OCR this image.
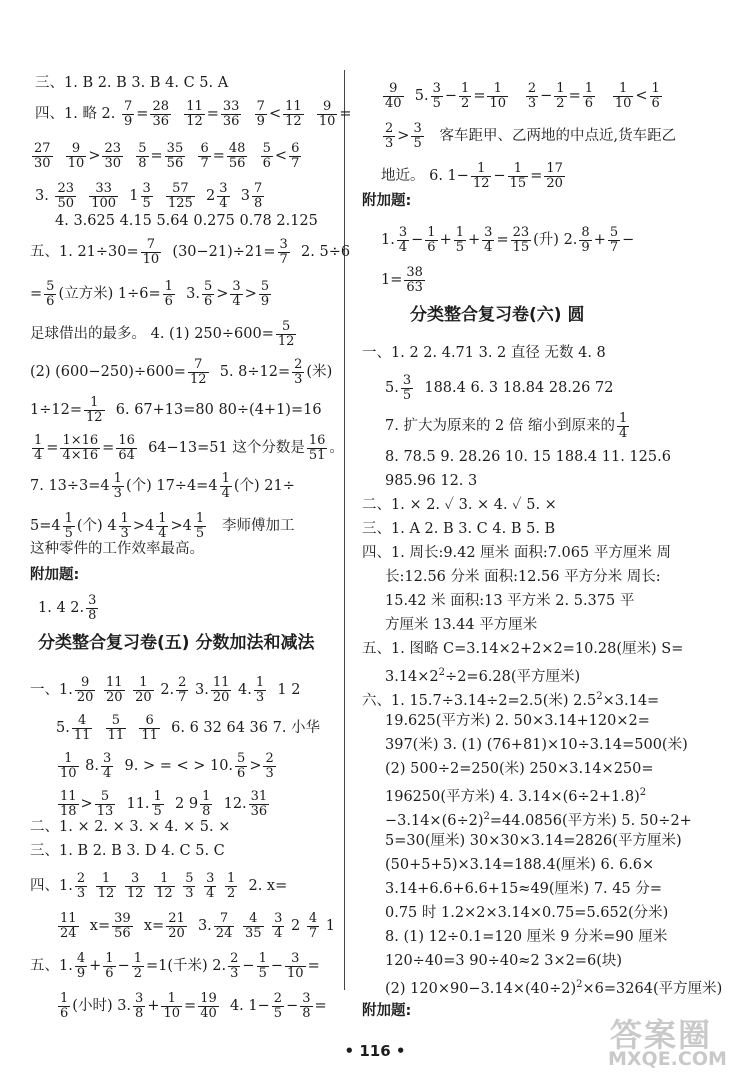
三、1. B 2. B 3. B 4. C 5. A
四、1. 略 2. $\frac{7}{9} = \frac{28}{36}$
$\frac{11}{12} = \frac{33}{36}$
$\frac{7}{9} < \frac{11}{12}$
$\frac{9}{10}$ =
$\frac{27}{30}$
$\frac{9}{10} > \frac{23}{30}$
$\frac{5}{8} = \frac{35}{56}$
$\frac{6}{7} = \frac{48}{56}$
$\frac{5}{6} < \frac{6}{7}$
3. $\frac{23}{50}$
$\frac{33}{100} 1 \frac{3}{5}$
$\frac{57}{125} 2 \frac{3}{4} 3 \frac{7}{8}$
4. 3.625 4.15 5.64 0.275 0.78 2.125
五、1. $21\div 30= \frac{7}{10} (30-21)\div 21= \frac{3}{7} 2$. 5÷6
= $\frac{5}{6}$ (立方米) $1\div 6= \frac{1}{6} 3$. $\frac{5}{6} > \frac{3}{4} > \frac{5}{9}$
足球借出的最多。 4. (1) $250\div 600= \frac{5}{12}$
(2) $(600-250)\div 600= \frac{7}{12} 5$. $8\div 12= \frac{2}{3}$ (米)
$1\div 12= \frac{1}{12} 6$. 67+13=80 80÷(4+1)=16
$\frac{1}{4} = \frac{1\times 16}{4\times 16} = \frac{16}{64} 64-13=51$ 这个分数是 $\frac{16}{51}$ 。
7. $13\div 3=4 \frac{1}{3}$ (个) $17\div 4=4 \frac{1}{4}$ (个) 21÷
$5=4 \frac{1}{5}$ (个) $4 \frac{1}{3} >4 \frac{1}{4} >4 \frac{1}{5}$ 李师傅加工
这种零件的工作效率最高。
附加题:
1. 4 2. $\frac{3}{8}$
分类整合复习卷(五) 分数加法和减法
一、1. $\frac{9}{20}$
$\frac{11}{20}$
$\frac{1}{20} 2$. $\frac{2}{7} 3$. $\frac{11}{20} 4$. $\frac{1}{3} 1$ 2
5. $\frac{4}{11}$
$\frac{5}{11}$
$\frac{6}{11} 6$. 6 32 64 36 7. 小华
$\frac{1}{10} 8$. $\frac{3}{4} 9$. > = < > 10. $\frac{5}{6} > \frac{2}{3}$
$\frac{11}{18} > \frac{5}{13} 11$. $\frac{1}{5} 2$ $9 \frac{1}{8} 12$. $\frac{31}{36}$
二、1. × 2. × 3. × 4. × 5. ×
三、1. B 2. B 3. D 4. C 5. C
四、1. $\frac{2}{3}$
$\frac{1}{12}$
$\frac{3}{12}$
$\frac{1}{12}$
$\frac{5}{3}$
$\frac{3}{4}$
$\frac{1}{2} 2$. x=
$\frac{11}{24} x= \frac{39}{56} x= \frac{21}{20} 3$. $\frac{7}{24}$
$\frac{4}{35}$
$\frac{3}{4} 2 \frac{4}{7} 1$
五、1. $\frac{4}{9} + \frac{1}{6} - \frac{1}{2} =1$(千米) 2. $\frac{2}{3} - \frac{1}{5} - \frac{3}{10}$ =
$\frac{1}{6}$ (小时) 3. $\frac{3}{8} + \frac{1}{10} = \frac{19}{40} 4$. $1- \frac{2}{5} - \frac{3}{8}$ =
$\frac{9}{40} 5$. $\frac{3}{5} - \frac{1}{2} = \frac{1}{10}$
$\frac{2}{3} - \frac{1}{2} = \frac{1}{6}$
$\frac{1}{10} < \frac{1}{6}$
$\frac{2}{3} > \frac{3}{5}$ 客车距甲、乙两地的中点近,货车距乙
地近。 6. $1- \frac{1}{12} - \frac{1}{15} = \frac{17}{20}$
附加题:
1. $\frac{3}{4} - \frac{1}{6} + \frac{1}{5} + \frac{3}{4} = \frac{23}{15}$ (升) 2. $\frac{8}{9} + \frac{5}{7}$ −
$1= \frac{38}{63}$
分类整合复习卷(六) 圆
一、1. 2 2. 4.71 3. 2 直径 无数 4. 8
5. $\frac{3}{5} 188.4$ 6. 3 18.84 28.26 72
7. 扩大为原来的 2 倍 缩小到原来的 $\frac{1}{4}$
8. 78.5 9. 28.26 10. 15 188.4 11. 125.6
985.96 12. 3
二、1. × 2. ✓ 3. × 4. ✓ 5. ×
三、1. A 2. B 3. C 4. B 5. B
四、1. 周长:9.42 厘米 面积:7.065 平方厘米 周
长:12.56 分米 面积:12.56 平方分米 周长:
15.42 米 面积:13 平方米 2. 5.375 平
方厘米 13.44 平方厘米
五、1. 图略 C=3.14×2+2×2=10.28(厘米) S=
$3.14\times 2^2\div 2=6.28$(平方厘米)
六、1. 15.7÷3.14÷2=2.5(米) $2.5^2\times 3.14=$
19.625(平方米) 2. 50×3.14+120×2=
397(米) 3. (1) (76+81)×10÷3.14=500(米)
(2) 500÷2=250(米) 250×3.14×250=
196250(平方米) 4. $3.14\times(6\div 2+1.8)^2$
$-3.14\times(6\div 2)^2=44.0856$(平方米) 5. 50÷2+
5=30(厘米) 30×30×3.14=2826(平方厘米)
(50+5+5)×3.14=188.4(厘米) 6. 6.6×
3.14+6.6+6.6+15≈49(厘米) 7. 45 分=
0.75 时 1.2×2×3.14×0.75=5.652(分米)
8. (1) 12÷0.1=120 厘米 9 分米=90 厘米
120÷40=3 90÷40≈2 3×2=6(块)
(2) $120\times 90-3.14\times(40\div 2)^2\times 6=3264$(平方厘米)
附加题:
• 116 •	答案圈
MXQE.COM
